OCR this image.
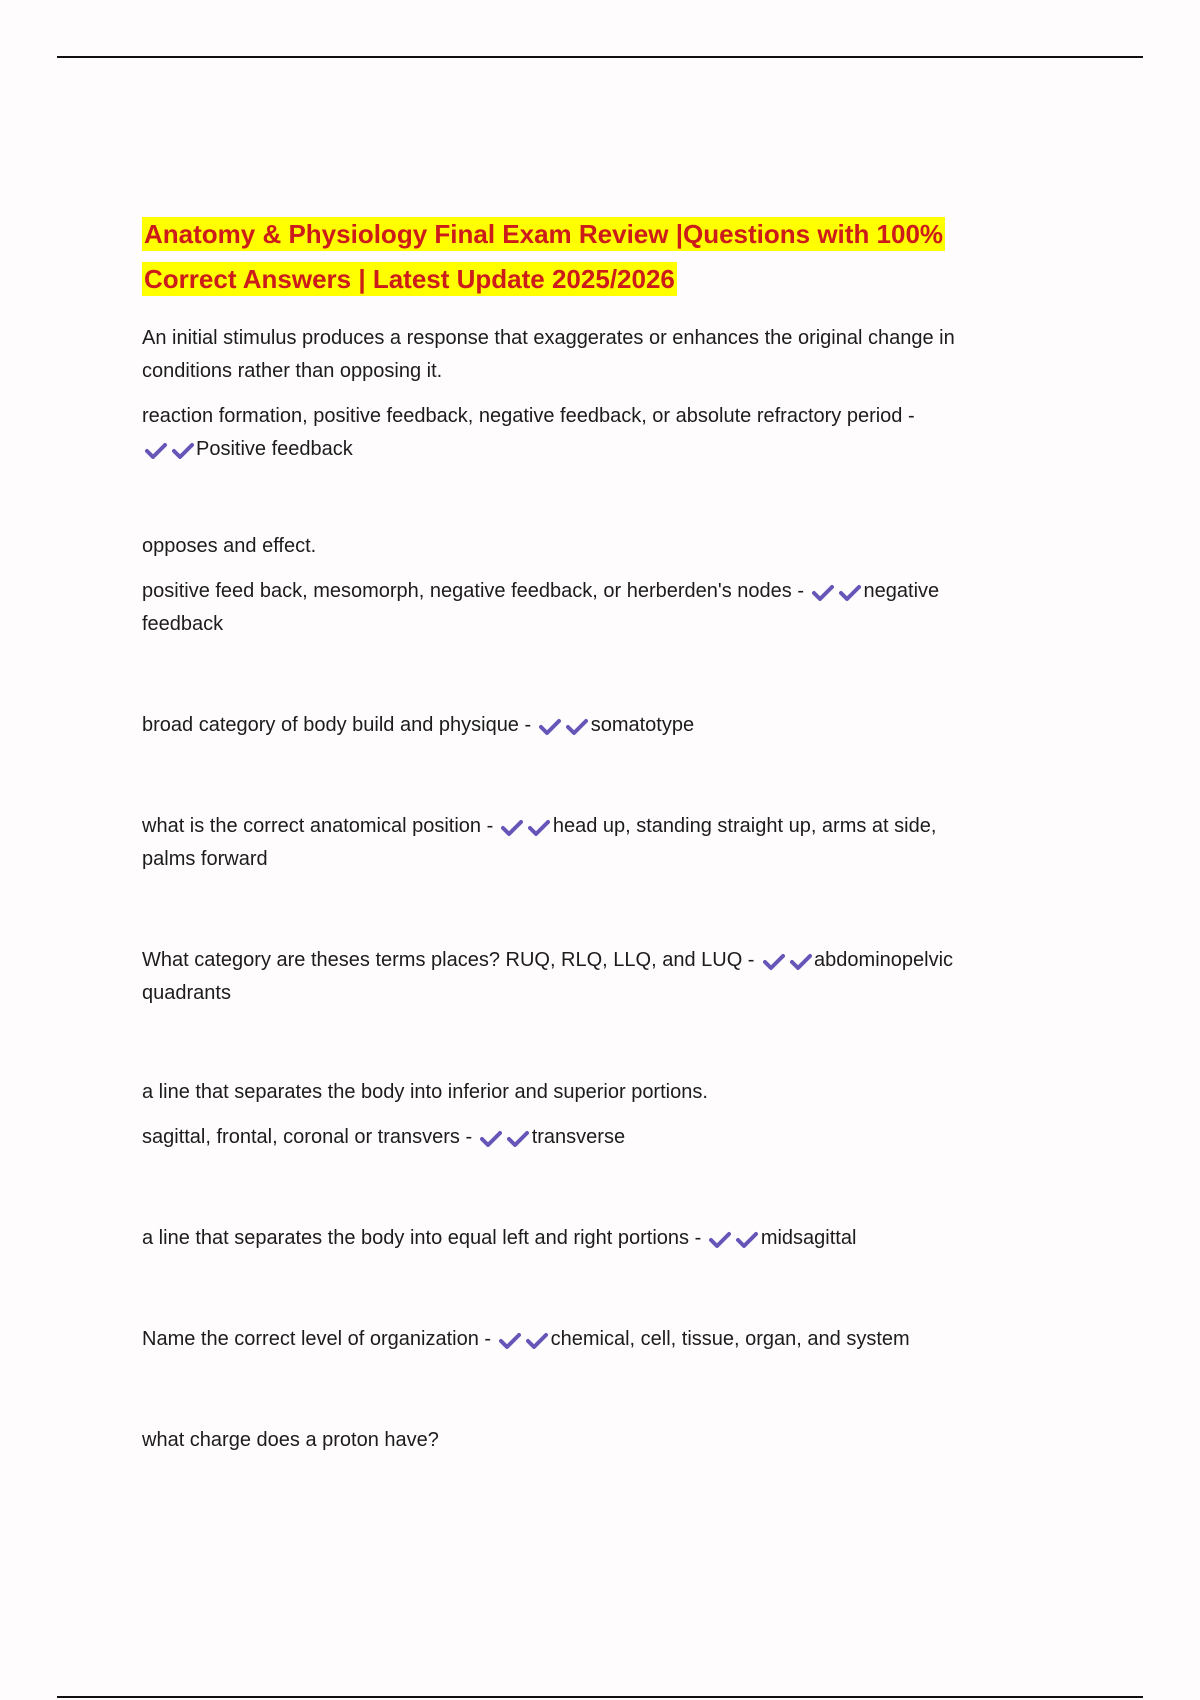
Anatomy & Physiology Final Exam Review |Questions with 100%
Correct Answers | Latest Update 2025/2026

An initial stimulus produces a response that exaggerates or enhances the original change in

conditions rather than opposing it.

reaction formation, positive feedback, negative feedback, or absolute refractory period -

Positive feedback

opposes and effect.

positive feed back, mesomorph, negative feedback, or herberden's nodes -	negative

feedback

broad category of body build and physique -	somatotype

what is the correct anatomical position -	head up, standing straight up, arms at side,

palms forward

What category are theses terms places? RUQ, RLQ, LLQ, and LUQ -	abdominopelvic

quadrants

a line that separates the body into inferior and superior portions.

sagittal, frontal, coronal or transvers -	transverse

a line that separates the body into equal left and right portions -	midsagittal

Name the correct level of organization -	chemical, cell, tissue, organ, and system

what charge does a proton have?
